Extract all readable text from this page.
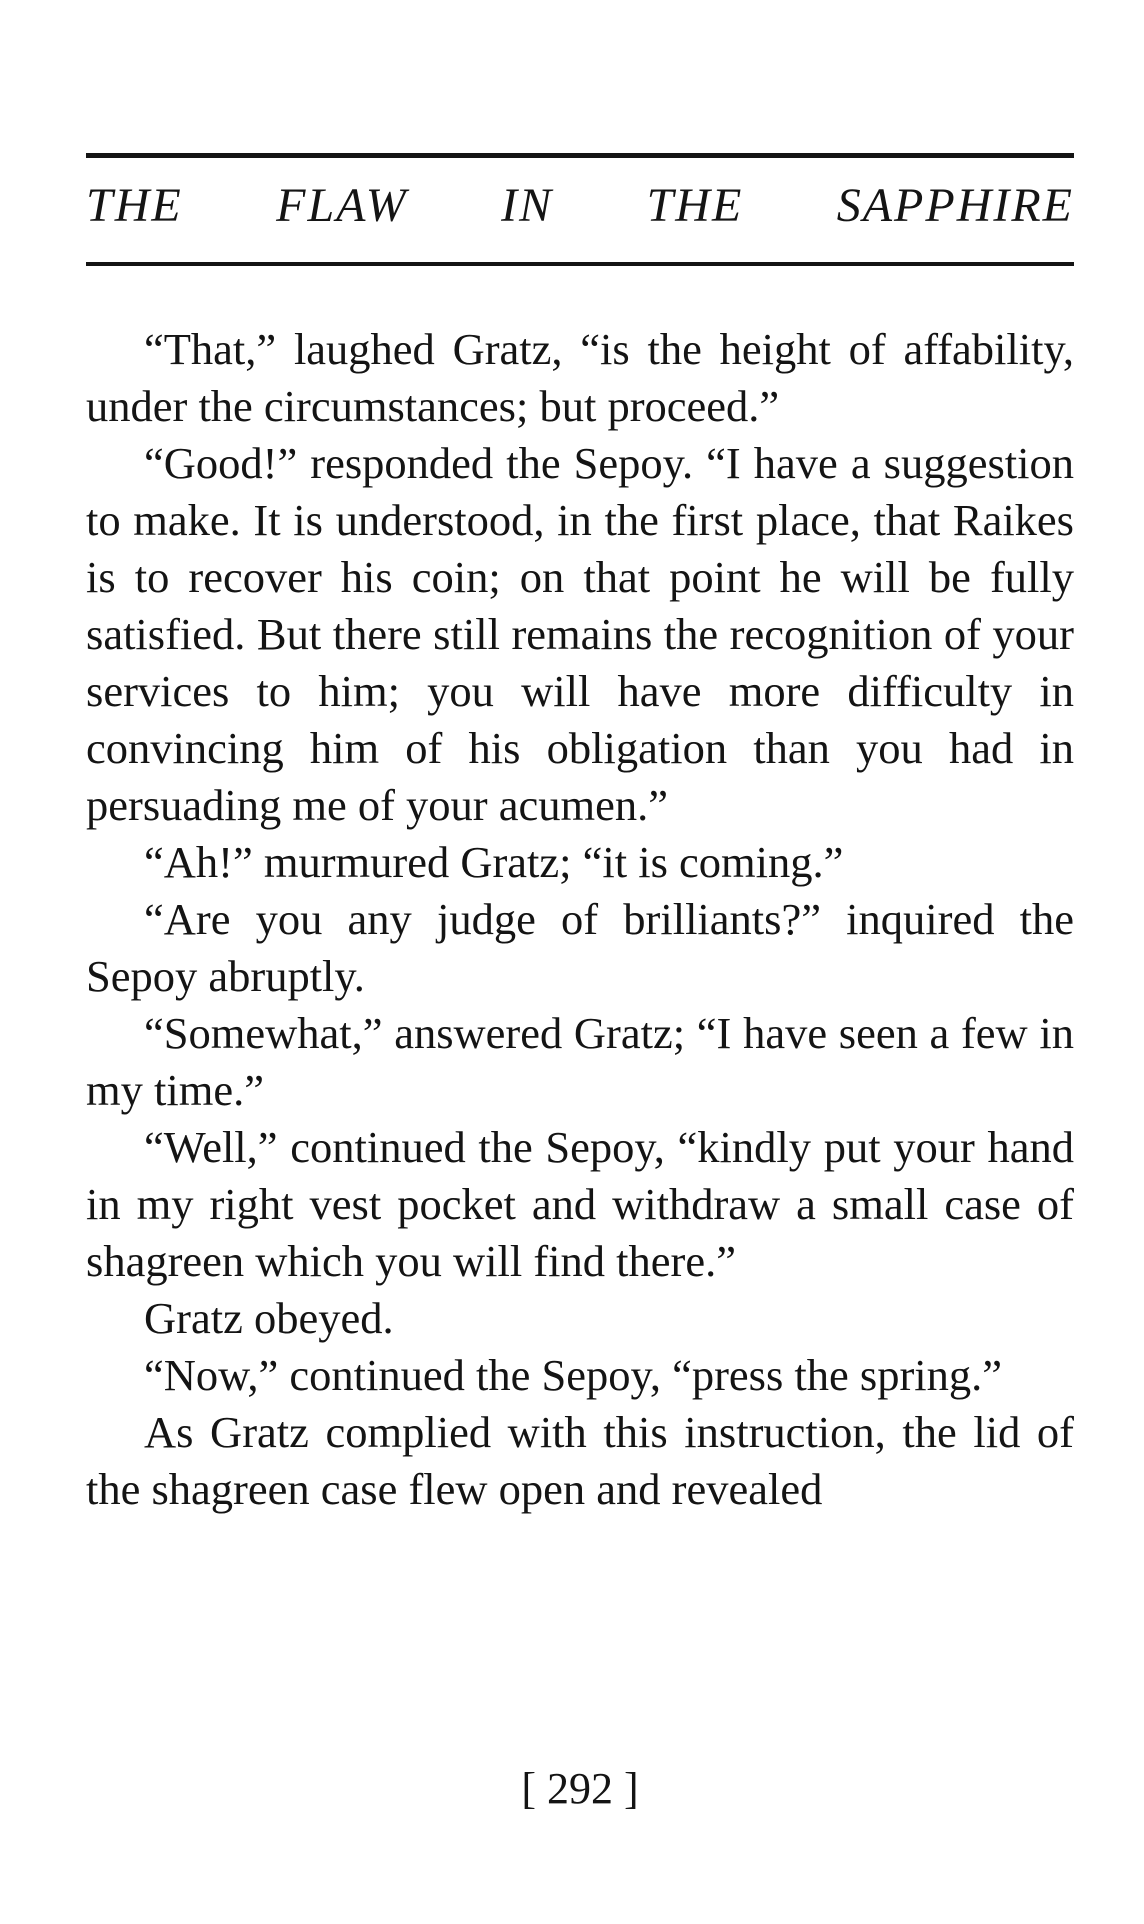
THE FLAW IN THE SAPPHIRE

“That,” laughed Gratz, “is the height of affability, under the circumstances; but proceed.”

“Good!” responded the Sepoy. “I have a suggestion to make. It is understood, in the first place, that Raikes is to recover his coin; on that point he will be fully satisfied. But there still remains the recognition of your services to him; you will have more difficulty in convincing him of his obligation than you had in persuading me of your acumen.”

“Ah!” murmured Gratz; “it is coming.”

“Are you any judge of brilliants?” inquired the Sepoy abruptly.

“Somewhat,” answered Gratz; “I have seen a few in my time.”

“Well,” continued the Sepoy, “kindly put your hand in my right vest pocket and withdraw a small case of shagreen which you will find there.”

Gratz obeyed.

“Now,” continued the Sepoy, “press the spring.”

As Gratz complied with this instruction, the lid of the shagreen case flew open and revealed

[ 292 ]
